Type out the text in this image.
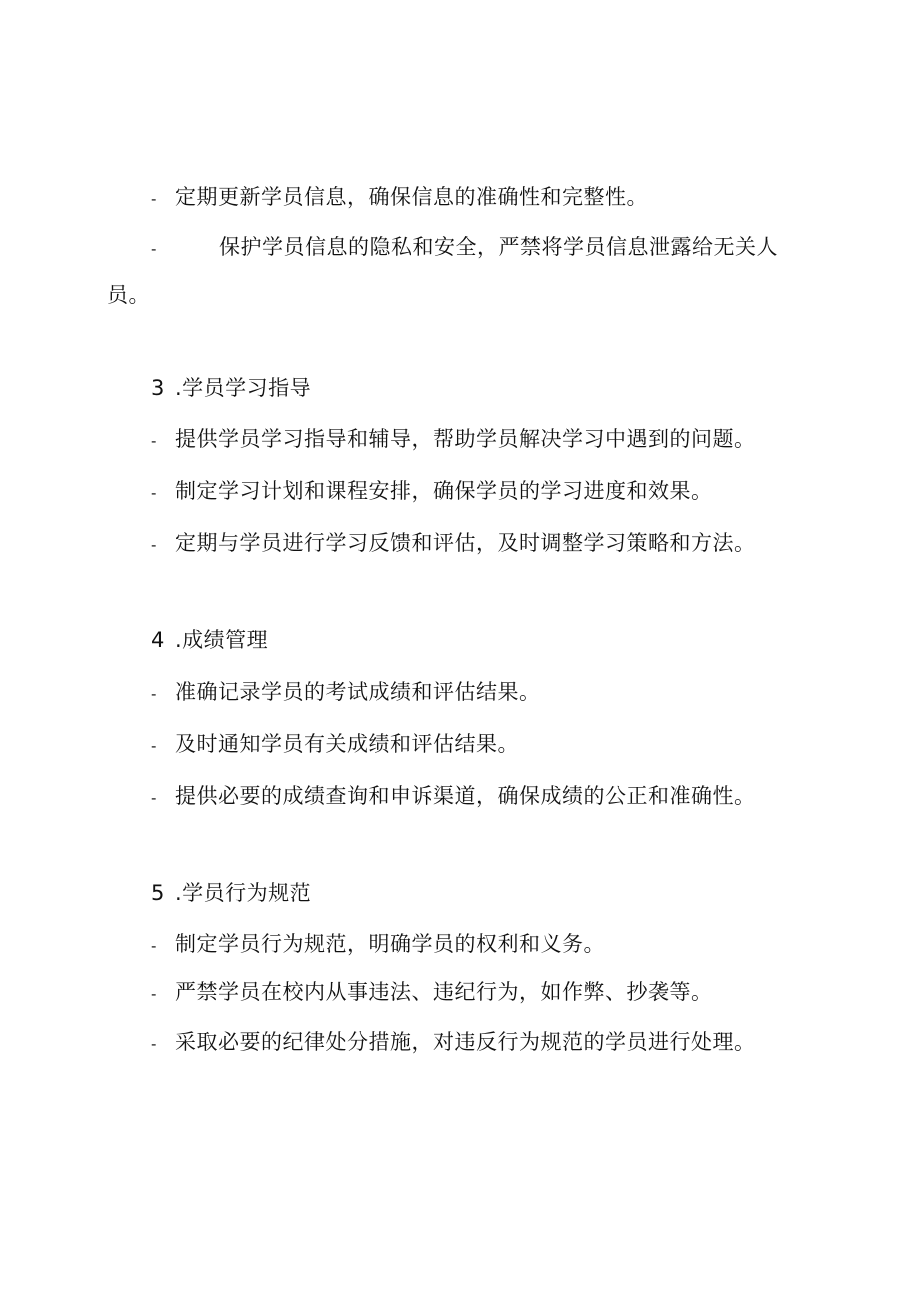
- 定期更新学员信息，确保信息的准确性和完整性。
-	保护学员信息的隐私和安全，严禁将学员信息泄露给无关人
员。
3 .学员学习指导
- 提供学员学习指导和辅导，帮助学员解决学习中遇到的问题。
- 制定学习计划和课程安排，确保学员的学习进度和效果。
- 定期与学员进行学习反馈和评估，及时调整学习策略和方法。
4 .成绩管理
- 准确记录学员的考试成绩和评估结果。
- 及时通知学员有关成绩和评估结果。
- 提供必要的成绩查询和申诉渠道，确保成绩的公正和准确性。
5 .学员行为规范
- 制定学员行为规范，明确学员的权利和义务。
- 严禁学员在校内从事违法、违纪行为，如作弊、抄袭等。
- 采取必要的纪律处分措施，对违反行为规范的学员进行处理。
